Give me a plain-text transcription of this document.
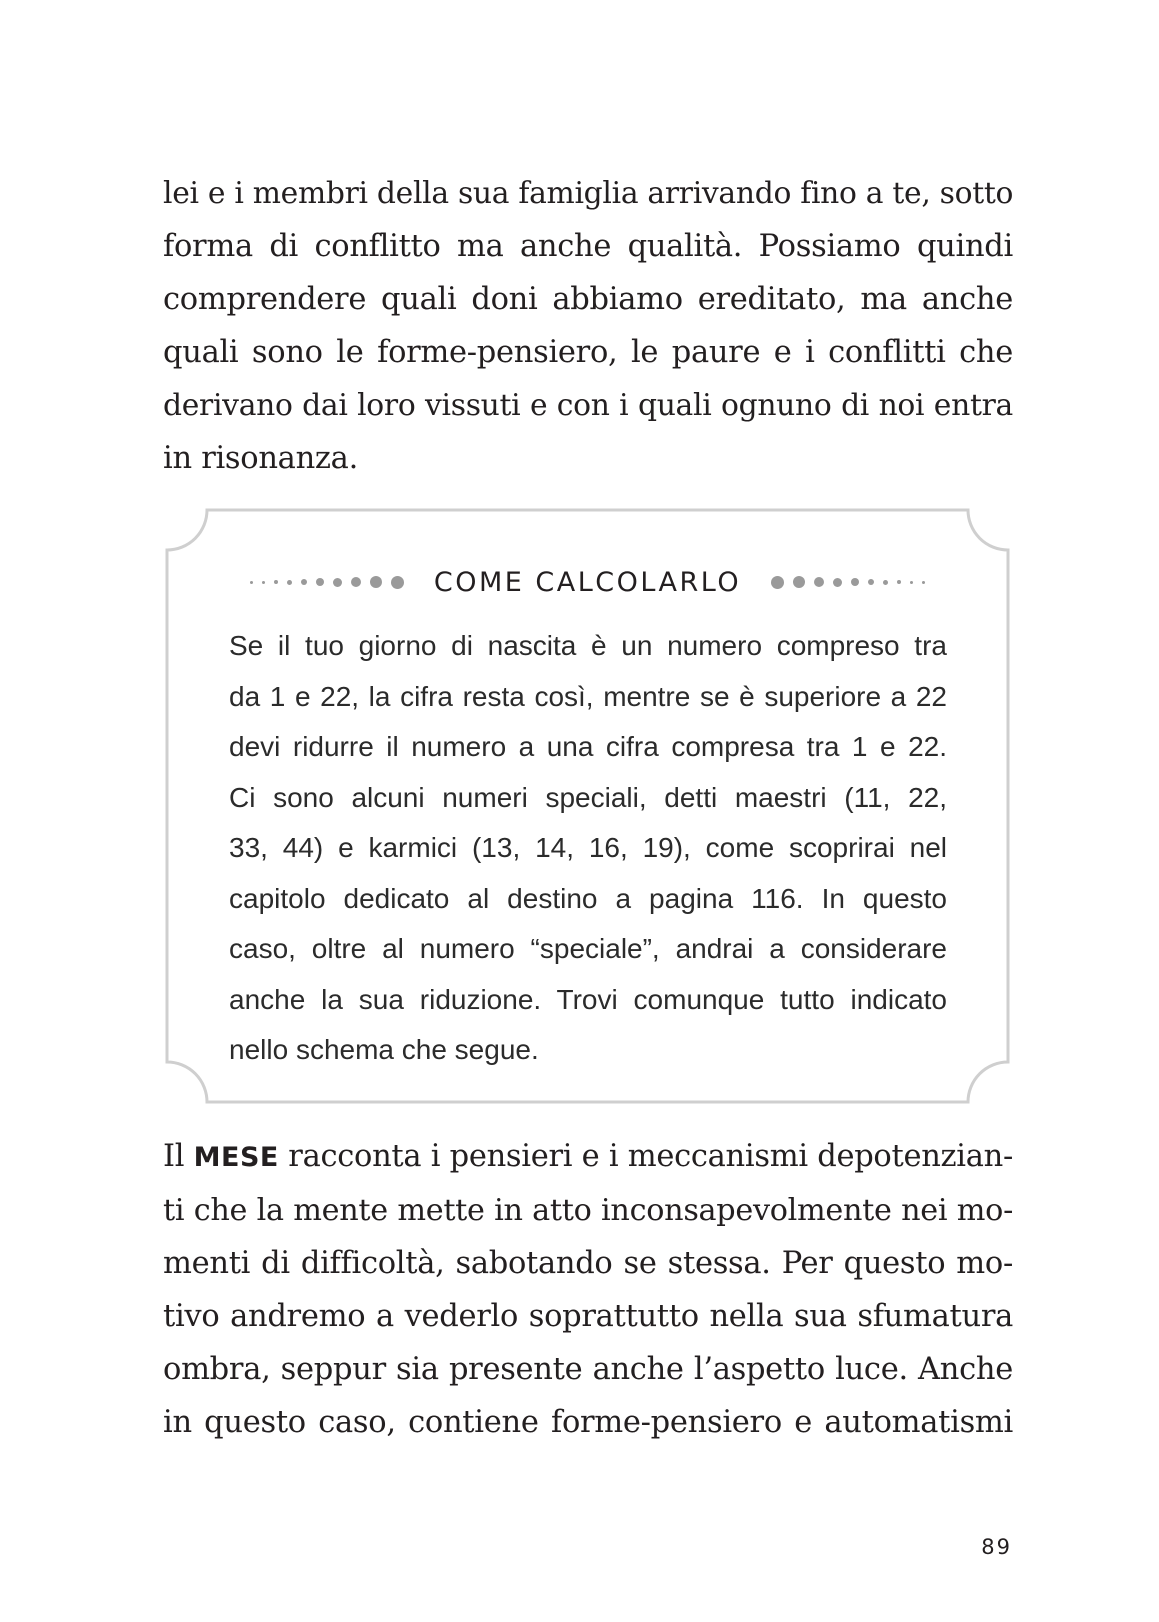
lei e i membri della sua famiglia arrivando fino a te, sotto
forma di conflitto ma anche qualità. Possiamo quindi
comprendere quali doni abbiamo ereditato, ma anche
quali sono le forme-pensiero, le paure e i conflitti che
derivano dai loro vissuti e con i quali ognuno di noi entra
in risonanza.

COME CALCOLARLO

Se il tuo giorno di nascita è un numero compreso tra
da 1 e 22, la cifra resta così, mentre se è superiore a 22
devi ridurre il numero a una cifra compresa tra 1 e 22.
Ci sono alcuni numeri speciali, detti maestri (11, 22,
33, 44) e karmici (13, 14, 16, 19), come scoprirai nel
capitolo dedicato al destino a pagina 116. In questo
caso, oltre al numero “speciale”, andrai a considerare
anche la sua riduzione. Trovi comunque tutto indicato
nello schema che segue.

Il MESE racconta i pensieri e i meccanismi depotenzian-
ti che la mente mette in atto inconsapevolmente nei mo-
menti di difficoltà, sabotando se stessa. Per questo mo-
tivo andremo a vederlo soprattutto nella sua sfumatura
ombra, seppur sia presente anche l’aspetto luce. Anche
in questo caso, contiene forme-pensiero e automatismi

89
